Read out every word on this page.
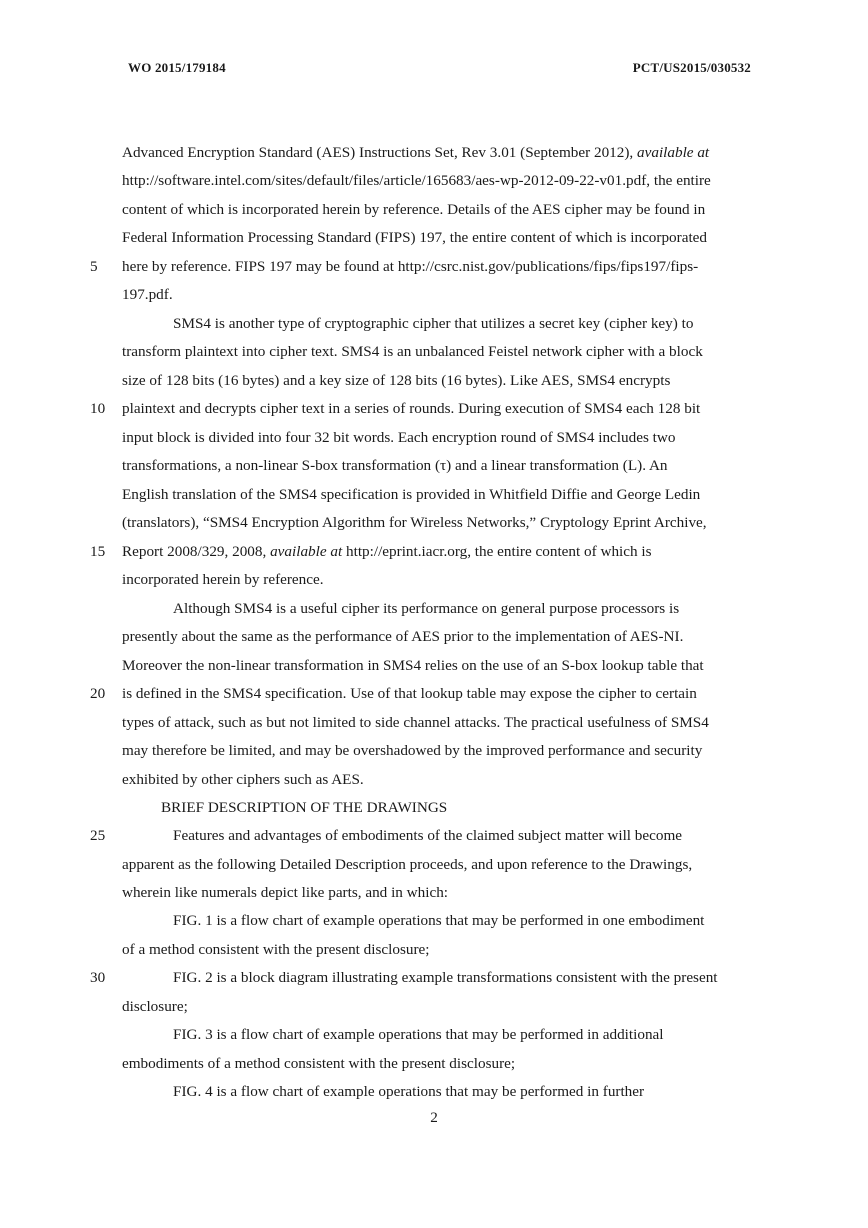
WO 2015/179184	PCT/US2015/030532
Advanced Encryption Standard (AES) Instructions Set, Rev 3.01 (September 2012), available at
http://software.intel.com/sites/default/files/article/165683/aes-wp-2012-09-22-v01.pdf, the entire
content of which is incorporated herein by reference. Details of the AES cipher may be found in
Federal Information Processing Standard (FIPS) 197, the entire content of which is incorporated
here by reference. FIPS 197 may be found at http://csrc.nist.gov/publications/fips/fips197/fips-
197.pdf.
SMS4 is another type of cryptographic cipher that utilizes a secret key (cipher key) to
transform plaintext into cipher text. SMS4 is an unbalanced Feistel network cipher with a block
size of 128 bits (16 bytes) and a key size of 128 bits (16 bytes). Like AES, SMS4 encrypts
plaintext and decrypts cipher text in a series of rounds. During execution of SMS4 each 128 bit
input block is divided into four 32 bit words. Each encryption round of SMS4 includes two
transformations, a non-linear S-box transformation (τ) and a linear transformation (L). An
English translation of the SMS4 specification is provided in Whitfield Diffie and George Ledin
(translators), “SMS4 Encryption Algorithm for Wireless Networks,” Cryptology Eprint Archive,
Report 2008/329, 2008, available at http://eprint.iacr.org, the entire content of which is
incorporated herein by reference.
Although SMS4 is a useful cipher its performance on general purpose processors is
presently about the same as the performance of AES prior to the implementation of AES-NI.
Moreover the non-linear transformation in SMS4 relies on the use of an S-box lookup table that
is defined in the SMS4 specification. Use of that lookup table may expose the cipher to certain
types of attack, such as but not limited to side channel attacks. The practical usefulness of SMS4
may therefore be limited, and may be overshadowed by the improved performance and security
exhibited by other ciphers such as AES.
BRIEF DESCRIPTION OF THE DRAWINGS
Features and advantages of embodiments of the claimed subject matter will become
apparent as the following Detailed Description proceeds, and upon reference to the Drawings,
wherein like numerals depict like parts, and in which:
FIG. 1 is a flow chart of example operations that may be performed in one embodiment
of a method consistent with the present disclosure;
FIG. 2 is a block diagram illustrating example transformations consistent with the present
disclosure;
FIG. 3 is a flow chart of example operations that may be performed in additional
embodiments of a method consistent with the present disclosure;
FIG. 4 is a flow chart of example operations that may be performed in further
5
10
15
20
25
30
2
